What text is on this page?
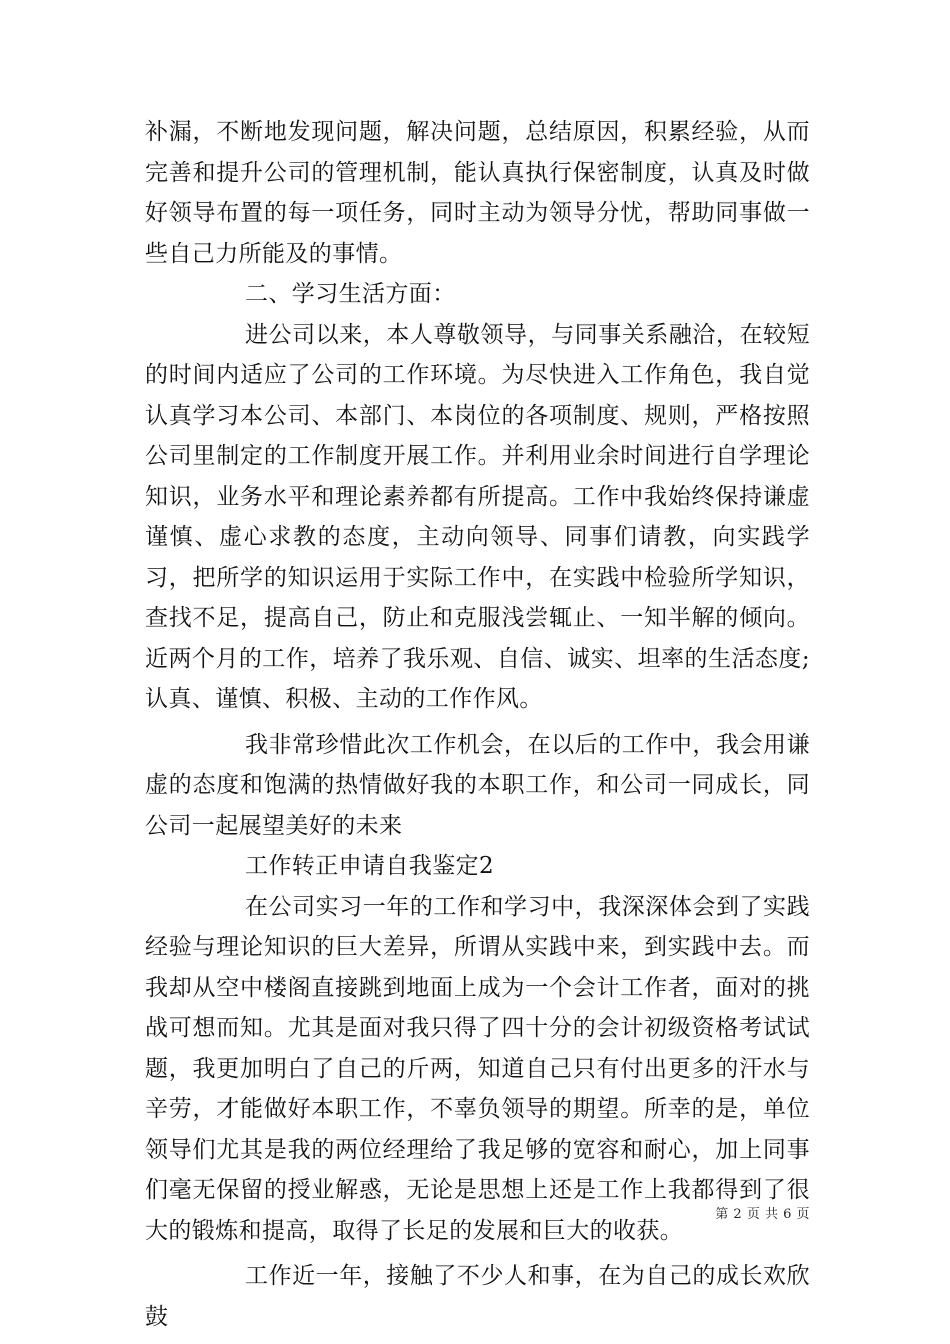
补漏，不断地发现问题，解决问题，总结原因，积累经验，从而完善和提升公司的管理机制，能认真执行保密制度，认真及时做好领导布置的每一项任务，同时主动为领导分忧，帮助同事做一些自己力所能及的事情。

二、学习生活方面：

进公司以来，本人尊敬领导，与同事关系融洽，在较短的时间内适应了公司的工作环境。为尽快进入工作角色，我自觉认真学习本公司、本部门、本岗位的各项制度、规则，严格按照公司里制定的工作制度开展工作。并利用业余时间进行自学理论知识，业务水平和理论素养都有所提高。工作中我始终保持谦虚谨慎、虚心求教的态度，主动向领导、同事们请教，向实践学习，把所学的知识运用于实际工作中，在实践中检验所学知识，查找不足，提高自己，防止和克服浅尝辄止、一知半解的倾向。近两个月的工作，培养了我乐观、自信、诚实、坦率的生活态度;认真、谨慎、积极、主动的工作作风。

我非常珍惜此次工作机会，在以后的工作中，我会用谦虚的态度和饱满的热情做好我的本职工作，和公司一同成长，同公司一起展望美好的未来

工作转正申请自我鉴定2

在公司实习一年的工作和学习中，我深深体会到了实践经验与理论知识的巨大差异，所谓从实践中来，到实践中去。而我却从空中楼阁直接跳到地面上成为一个会计工作者，面对的挑战可想而知。尤其是面对我只得了四十分的会计初级资格考试试题，我更加明白了自己的斤两，知道自己只有付出更多的汗水与辛劳，才能做好本职工作，不辜负领导的期望。所幸的是，单位领导们尤其是我的两位经理给了我足够的宽容和耐心，加上同事们毫无保留的授业解惑，无论是思想上还是工作上我都得到了很大的锻炼和提高，取得了长足的发展和巨大的收获。

工作近一年，接触了不少人和事，在为自己的成长欢欣鼓

第 2 页 共 6 页
